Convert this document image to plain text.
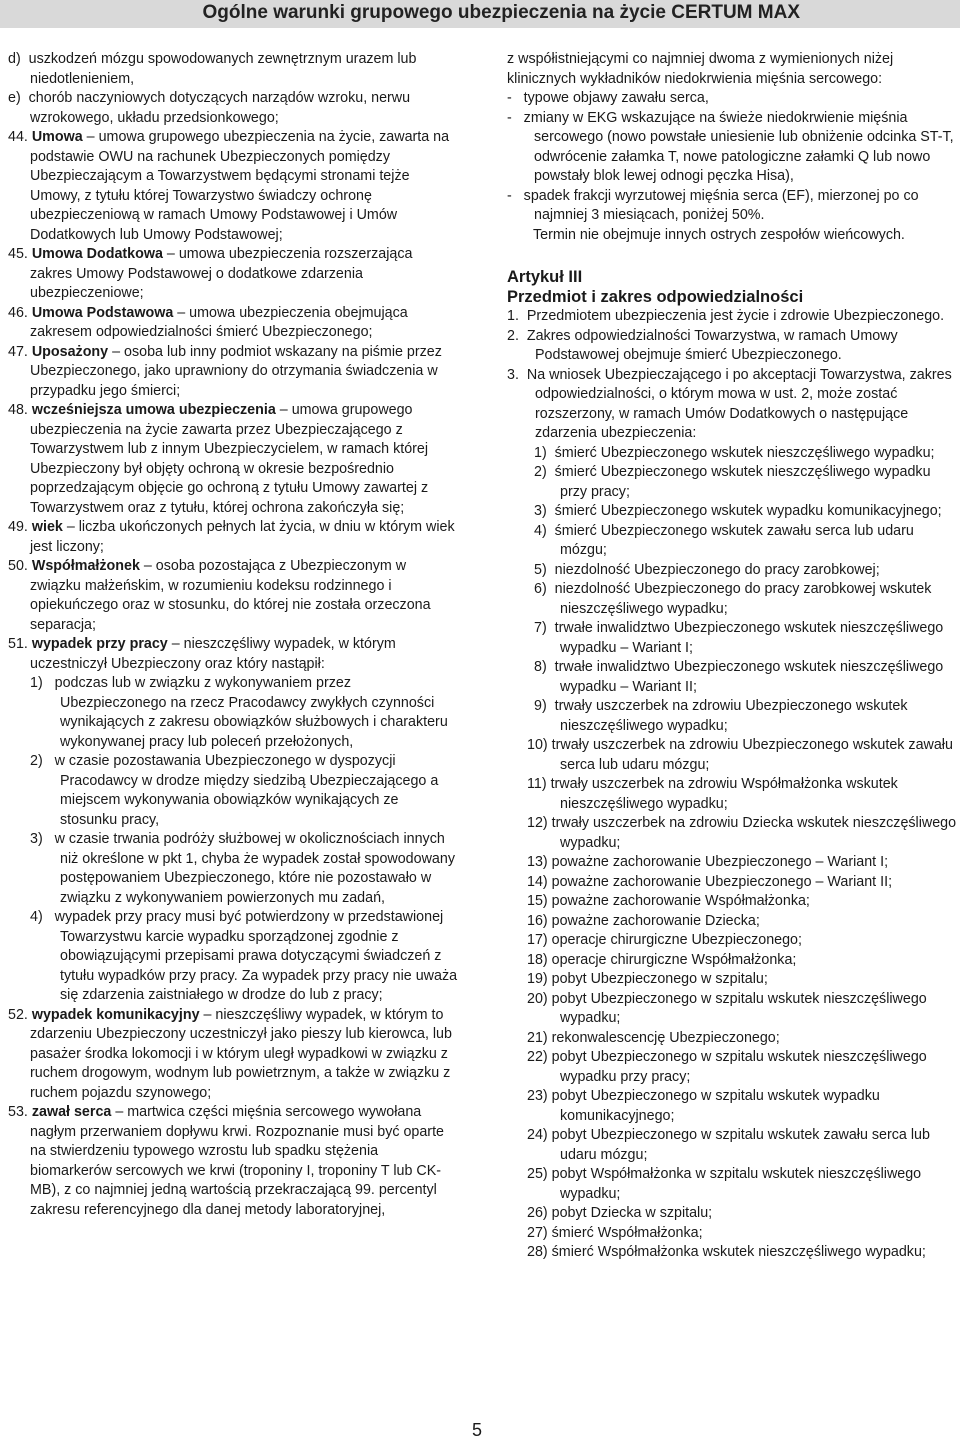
Ogólne warunki grupowego ubezpieczenia na życie CERTUM MAX

d)  uszkodzeń mózgu spowodowanych zewnętrznym urazem lub niedotlenieniem,

e)  chorób naczyniowych dotyczących narządów wzroku, nerwu wzrokowego, układu przedsionkowego;

44. Umowa – umowa grupowego ubezpieczenia na życie, zawarta na podstawie OWU na rachunek Ubezpieczonych pomiędzy Ubezpieczającym a Towarzystwem będącymi stronami tejże Umowy, z tytułu której Towarzystwo świadczy ochronę ubezpieczeniową w ramach Umowy Podstawowej i Umów Dodatkowych lub Umowy Podstawowej;

45. Umowa Dodatkowa – umowa ubezpieczenia rozszerzająca zakres Umowy Podstawowej o dodatkowe zdarzenia ubezpieczeniowe;

46. Umowa Podstawowa – umowa ubezpieczenia obejmująca zakresem odpowiedzialności śmierć Ubezpieczonego;

47. Uposażony – osoba lub inny podmiot wskazany na piśmie przez Ubezpieczonego, jako uprawniony do otrzymania świadczenia w przypadku jego śmierci;

48. wcześniejsza umowa ubezpieczenia – umowa grupowego ubezpieczenia na życie zawarta przez Ubezpieczającego z Towarzystwem lub z innym Ubezpieczycielem, w ramach której Ubezpieczony był objęty ochroną w okresie bezpośrednio poprzedzającym objęcie go ochroną z tytułu Umowy zawartej z Towarzystwem oraz z tytułu, której ochrona zakończyła się;

49. wiek – liczba ukończonych pełnych lat życia, w dniu w którym wiek jest liczony;

50. Współmałżonek – osoba pozostająca z Ubezpieczonym w związku małżeńskim, w rozumieniu kodeksu rodzinnego i opiekuńczego oraz w stosunku, do której nie została orzeczona separacja;

51. wypadek przy pracy – nieszczęśliwy wypadek, w którym uczestniczył Ubezpieczony oraz który nastąpił:

1)   podczas lub w związku z wykonywaniem przez Ubezpieczonego na rzecz Pracodawcy zwykłych czynności wynikających z zakresu obowiązków służbowych i charakteru wykonywanej pracy lub poleceń przełożonych,

2)   w czasie pozostawania Ubezpieczonego w dyspozycji Pracodawcy w drodze między siedzibą Ubezpieczającego a miejscem wykonywania obowiązków wynikających ze stosunku pracy,

3)   w czasie trwania podróży służbowej w okolicznościach innych niż określone w pkt 1, chyba że wypadek został spowodowany postępowaniem Ubezpieczonego, które nie pozostawało w związku z wykonywaniem powierzonych mu zadań,

4)   wypadek przy pracy musi być potwierdzony w przedstawionej Towarzystwu karcie wypadku sporządzonej zgodnie z obowiązującymi przepisami prawa dotyczącymi świadczeń z tytułu wypadków przy pracy. Za wypadek przy pracy nie uważa się zdarzenia zaistniałego w drodze do lub z pracy;

52. wypadek komunikacyjny – nieszczęśliwy wypadek, w którym to zdarzeniu Ubezpieczony uczestniczył jako pieszy lub kierowca, lub pasażer środka lokomocji i w którym uległ wypadkowi w związku z ruchem drogowym, wodnym lub powietrznym, a także w związku z ruchem pojazdu szynowego;

53. zawał serca – martwica części mięśnia sercowego wywołana nagłym przerwaniem dopływu krwi. Rozpoznanie musi być oparte na stwierdzeniu typowego wzrostu lub spadku stężenia biomarkerów sercowych we krwi (troponiny I, troponiny T lub CK-MB), z co najmniej jedną wartością przekraczającą 99. percentyl zakresu referencyjnego dla danej metody laboratoryjnej,

z współistniejącymi co najmniej dwoma z wymienionych niżej klinicznych wykładników niedokrwienia mięśnia sercowego:

-   typowe objawy zawału serca,

-   zmiany w EKG wskazujące na świeże niedokrwienie mięśnia sercowego (nowo powstałe uniesienie lub obniżenie odcinka ST-T, odwrócenie załamka T, nowe patologiczne załamki Q lub nowo powstały blok lewej odnogi pęczka Hisa),

-   spadek frakcji wyrzutowej mięśnia serca (EF), mierzonej po co najmniej 3 miesiącach, poniżej 50%.

Termin nie obejmuje innych ostrych zespołów wieńcowych.

Artykuł III
Przedmiot i zakres odpowiedzialności

1.  Przedmiotem ubezpieczenia jest życie i zdrowie Ubezpieczonego.

2.  Zakres odpowiedzialności Towarzystwa, w ramach Umowy Podstawowej obejmuje śmierć Ubezpieczonego.

3.  Na wniosek Ubezpieczającego i po akceptacji Towarzystwa, zakres odpowiedzialności, o którym mowa w ust. 2, może zostać rozszerzony, w ramach Umów Dodatkowych o następujące zdarzenia ubezpieczenia:

1)  śmierć Ubezpieczonego wskutek nieszczęśliwego wypadku;

2)  śmierć Ubezpieczonego wskutek nieszczęśliwego wypadku przy pracy;

3)  śmierć Ubezpieczonego wskutek wypadku komunikacyjnego;

4)  śmierć Ubezpieczonego wskutek zawału serca lub udaru mózgu;

5)  niezdolność Ubezpieczonego do pracy zarobkowej;

6)  niezdolność Ubezpieczonego do pracy zarobkowej wskutek nieszczęśliwego wypadku;

7)  trwałe inwalidztwo Ubezpieczonego wskutek nieszczęśliwego wypadku – Wariant I;

8)  trwałe inwalidztwo Ubezpieczonego wskutek nieszczęśliwego wypadku – Wariant II;

9)  trwały uszczerbek na zdrowiu Ubezpieczonego wskutek nieszczęśliwego wypadku;

10) trwały uszczerbek na zdrowiu Ubezpieczonego wskutek zawału serca lub udaru mózgu;

11) trwały uszczerbek na zdrowiu Współmałżonka wskutek nieszczęśliwego wypadku;

12) trwały uszczerbek na zdrowiu Dziecka wskutek nieszczęśliwego wypadku;

13) poważne zachorowanie Ubezpieczonego – Wariant I;

14) poważne zachorowanie Ubezpieczonego – Wariant II;

15) poważne zachorowanie Współmałżonka;

16) poważne zachorowanie Dziecka;

17) operacje chirurgiczne Ubezpieczonego;

18) operacje chirurgiczne Współmałżonka;

19) pobyt Ubezpieczonego w szpitalu;

20) pobyt Ubezpieczonego w szpitalu wskutek nieszczęśliwego wypadku;

21) rekonwalescencję Ubezpieczonego;

22) pobyt Ubezpieczonego w szpitalu wskutek nieszczęśliwego wypadku przy pracy;

23) pobyt Ubezpieczonego w szpitalu wskutek wypadku komunikacyjnego;

24) pobyt Ubezpieczonego w szpitalu wskutek zawału serca lub udaru mózgu;

25) pobyt Współmałżonka w szpitalu wskutek nieszczęśliwego wypadku;

26) pobyt Dziecka w szpitalu;

27) śmierć Współmałżonka;

28) śmierć Współmałżonka wskutek nieszczęśliwego wypadku;

5
